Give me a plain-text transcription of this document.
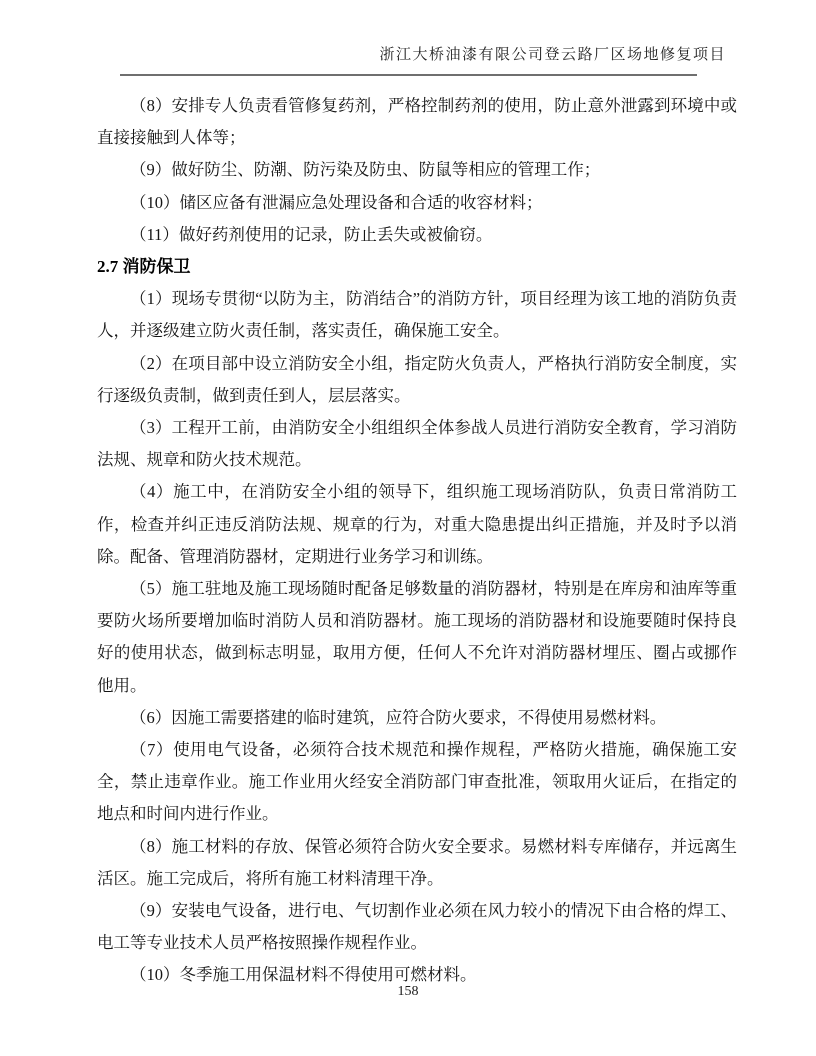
浙江大桥油漆有限公司登云路厂区场地修复项目

（8）安排专人负责看管修复药剂，严格控制药剂的使用，防止意外泄露到环境中或直接接触到人体等；

（9）做好防尘、防潮、防污染及防虫、防鼠等相应的管理工作；

（10）储区应备有泄漏应急处理设备和合适的收容材料；

（11）做好药剂使用的记录，防止丢失或被偷窃。

2.7 消防保卫

（1）现场专贯彻“以防为主，防消结合”的消防方针，项目经理为该工地的消防负责人，并逐级建立防火责任制，落实责任，确保施工安全。

（2）在项目部中设立消防安全小组，指定防火负责人，严格执行消防安全制度，实行逐级负责制，做到责任到人，层层落实。

（3）工程开工前，由消防安全小组组织全体参战人员进行消防安全教育，学习消防法规、规章和防火技术规范。

（4）施工中，在消防安全小组的领导下，组织施工现场消防队，负责日常消防工作，检查并纠正违反消防法规、规章的行为，对重大隐患提出纠正措施，并及时予以消除。配备、管理消防器材，定期进行业务学习和训练。

（5）施工驻地及施工现场随时配备足够数量的消防器材，特别是在库房和油库等重要防火场所要增加临时消防人员和消防器材。施工现场的消防器材和设施要随时保持良好的使用状态，做到标志明显，取用方便，任何人不允许对消防器材埋压、圈占或挪作他用。

（6）因施工需要搭建的临时建筑，应符合防火要求，不得使用易燃材料。

（7）使用电气设备，必须符合技术规范和操作规程，严格防火措施，确保施工安全，禁止违章作业。施工作业用火经安全消防部门审查批准，领取用火证后，在指定的地点和时间内进行作业。

（8）施工材料的存放、保管必须符合防火安全要求。易燃材料专库储存，并远离生活区。施工完成后，将所有施工材料清理干净。

（9）安装电气设备，进行电、气切割作业必须在风力较小的情况下由合格的焊工、电工等专业技术人员严格按照操作规程作业。

（10）冬季施工用保温材料不得使用可燃材料。

158
